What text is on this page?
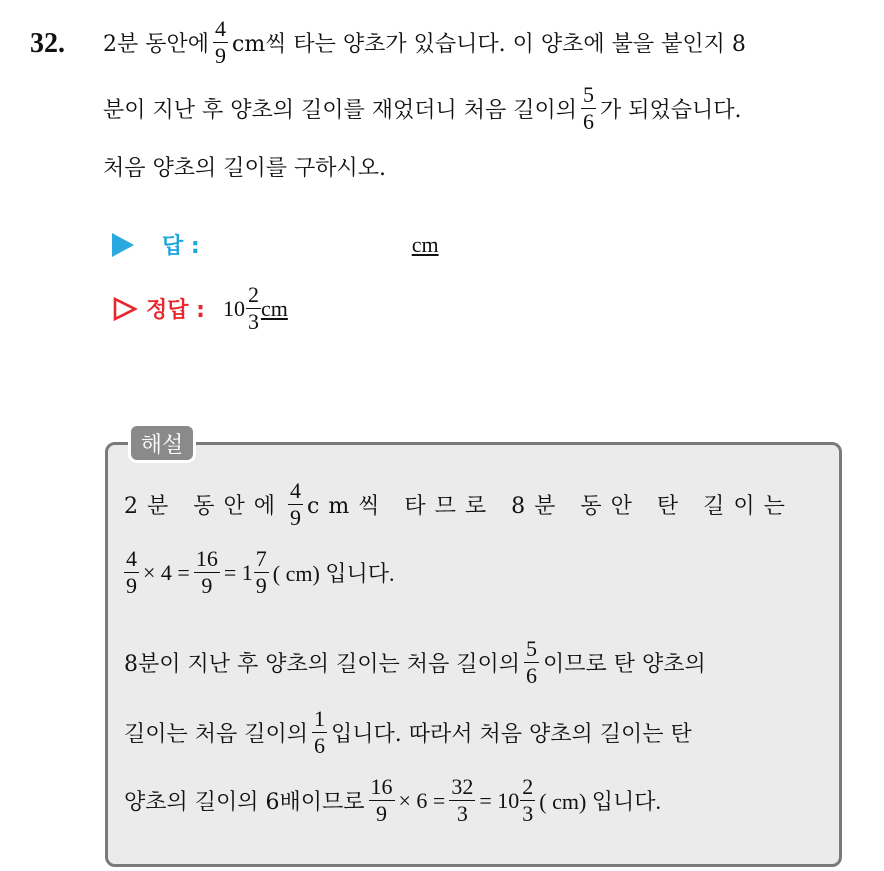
32. 2분 동안에 $\frac{4}{9}$ cm씩 타는 양초가 있습니다. 이 양초에 불을 붙인지 8
분이 지난 후 양초의 길이를 재었더니 처음 길이의 $\frac{5}{6}$ 가 되었습니다.
처음 양초의 길이를 구하시오.
답 :	cm
정답 : $10 \frac{2}{3}$ cm
해설
2분 동안에 $\frac{4}{9}$ cm씩 타므로 8분 동안 탄 길이는
$\frac{4}{9} \times 4 = \frac{16}{9} = 1 \frac{7}{9}$ ( cm) 입니다.
8분이 지난 후 양초의 길이는 처음 길이의 $\frac{5}{6}$ 이므로 탄 양초의
길이는 처음 길이의 $\frac{1}{6}$ 입니다. 따라서 처음 양초의 길이는 탄
양초의 길이의 6배이므로 $\frac{16}{9} \times 6 = \frac{32}{3} = 10 \frac{2}{3}$ ( cm) 입니다.
